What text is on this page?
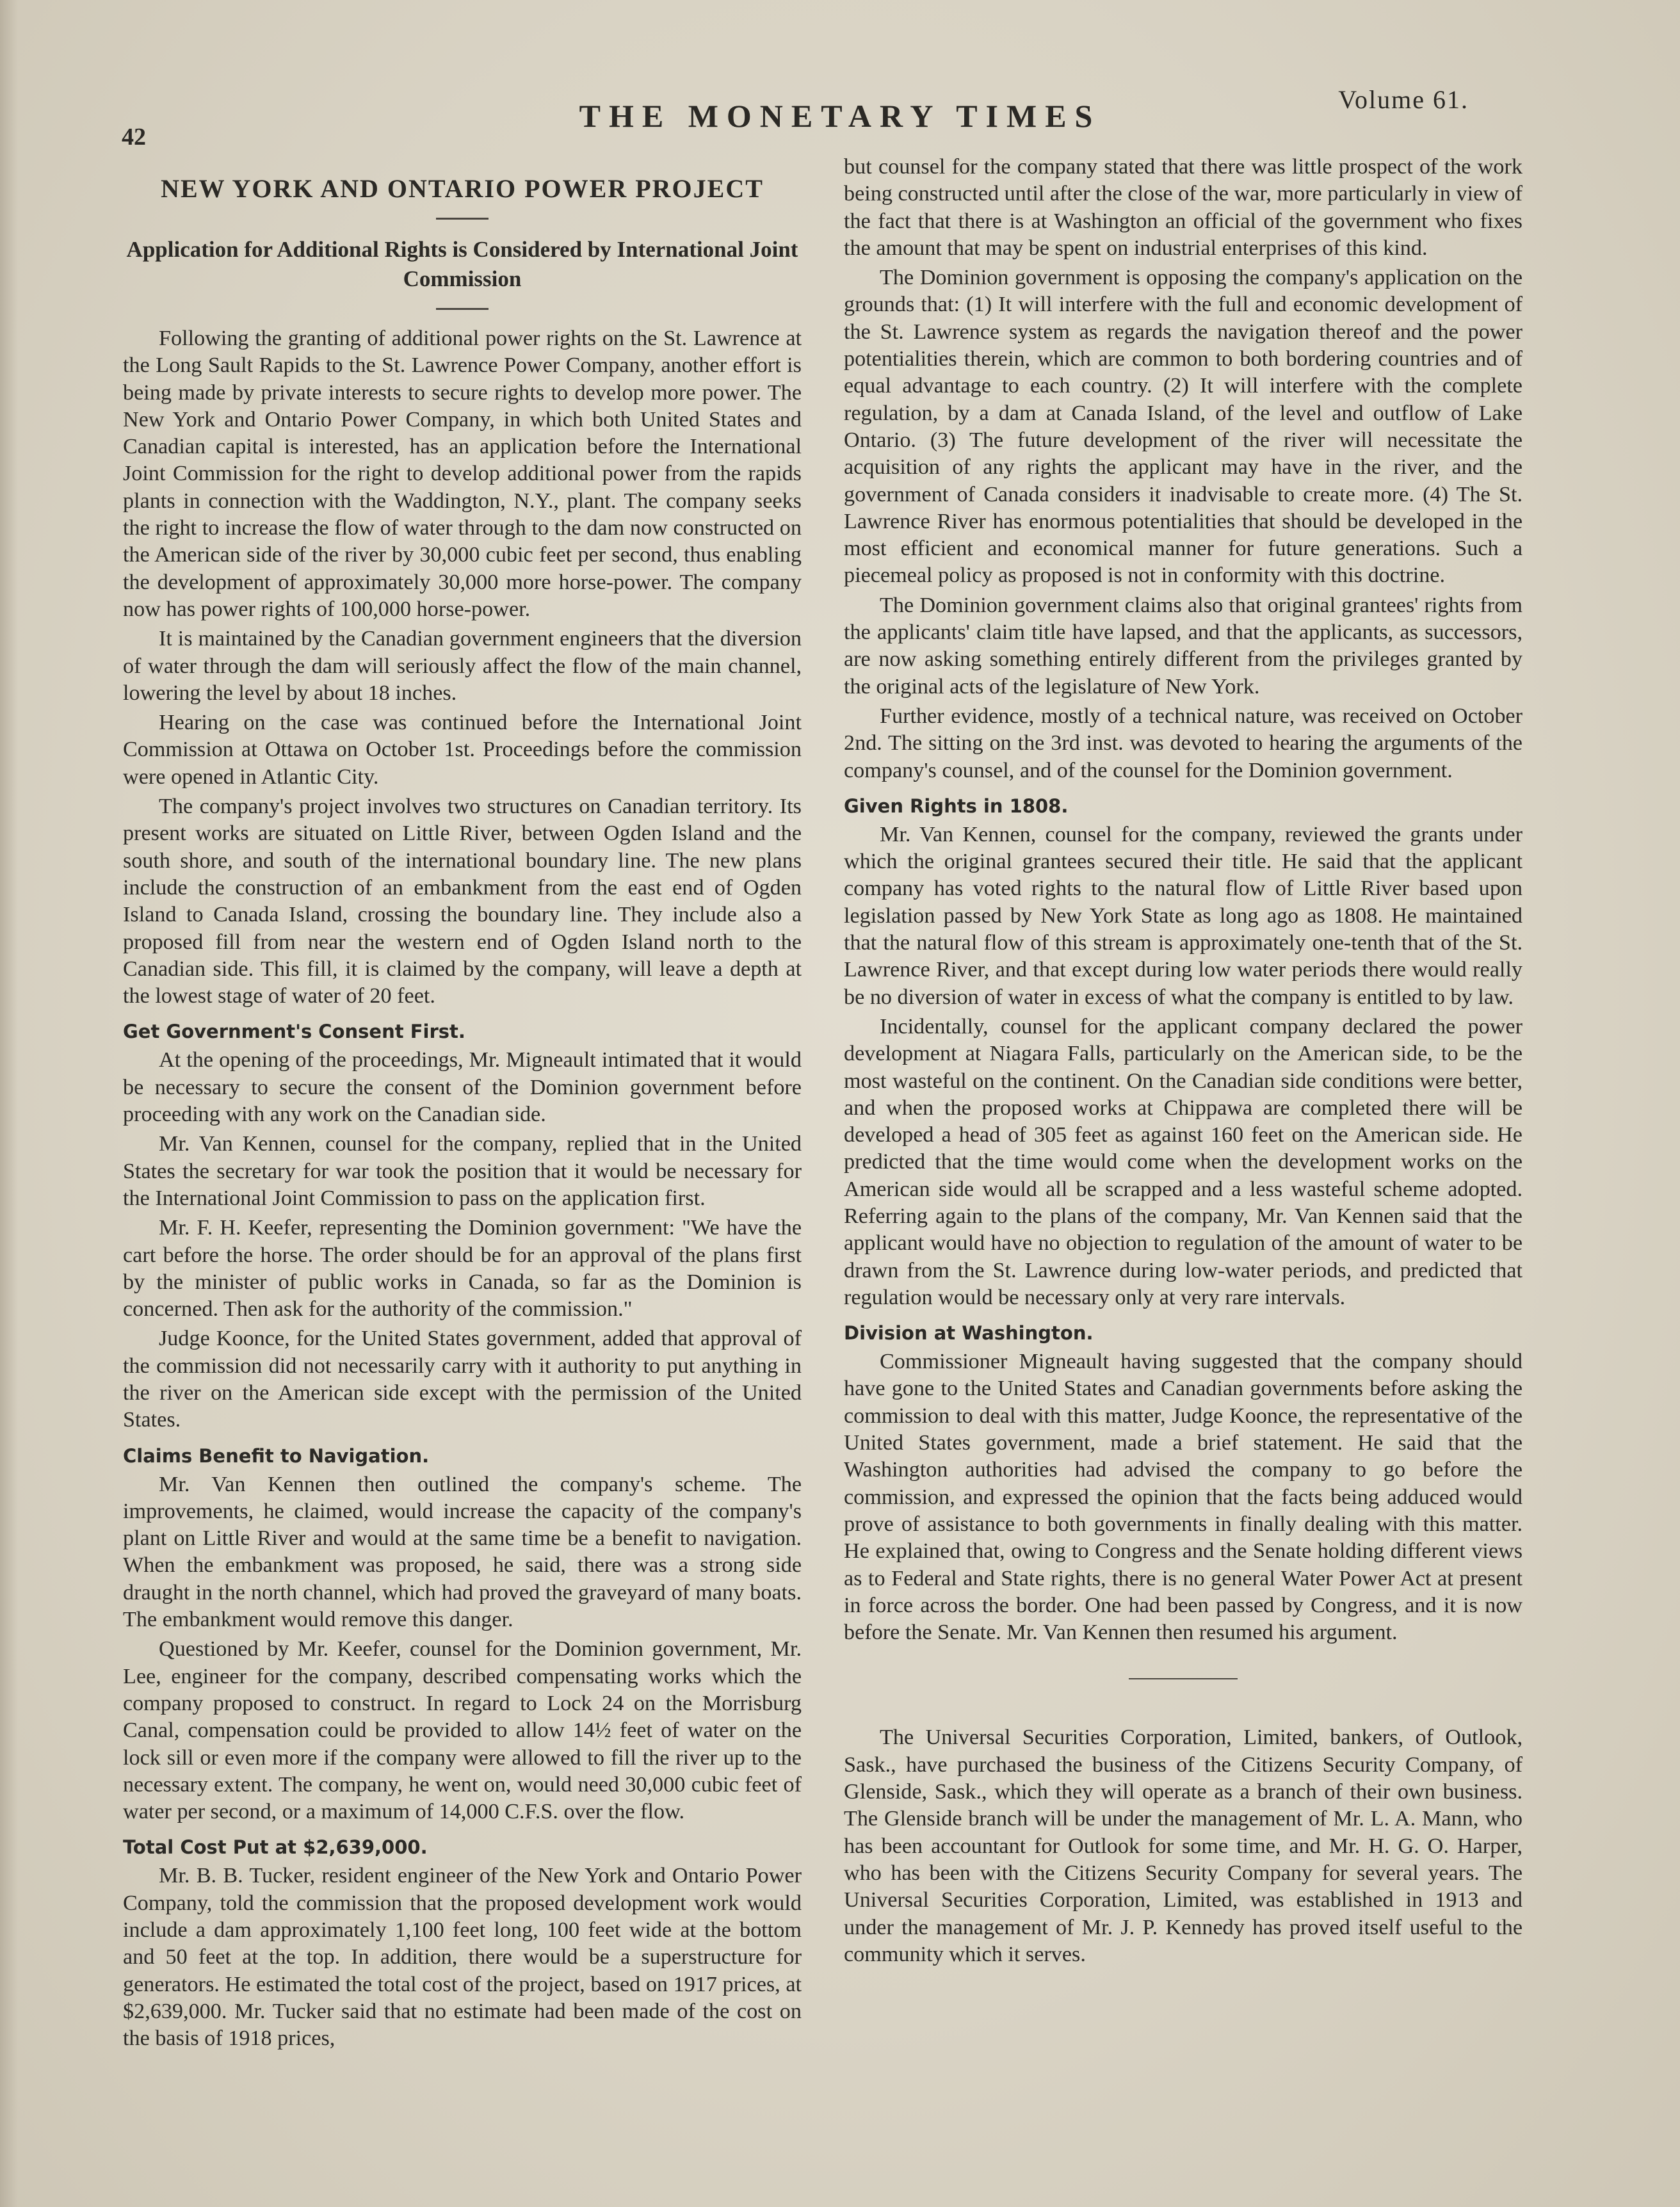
42
THE MONETARY TIMES	Volume 61.
NEW YORK AND ONTARIO POWER PROJECT
Application for Additional Rights is Considered by International Joint Commission

Following the granting of additional power rights on the St. Lawrence at the Long Sault Rapids to the St. Lawrence Power Company, another effort is being made by private interests to secure rights to develop more power. The New York and Ontario Power Company, in which both United States and Canadian capital is interested, has an application before the International Joint Commission for the right to develop additional power from the rapids plants in connection with the Waddington, N.Y., plant. The company seeks the right to increase the flow of water through to the dam now constructed on the American side of the river by 30,000 cubic feet per second, thus enabling the development of approximately 30,000 more horse-power. The company now has power rights of 100,000 horse-power.

It is maintained by the Canadian government engineers that the diversion of water through the dam will seriously affect the flow of the main channel, lowering the level by about 18 inches.

Hearing on the case was continued before the International Joint Commission at Ottawa on October 1st. Proceedings before the commission were opened in Atlantic City.

The company's project involves two structures on Canadian territory. Its present works are situated on Little River, between Ogden Island and the south shore, and south of the international boundary line. The new plans include the construction of an embankment from the east end of Ogden Island to Canada Island, crossing the boundary line. They include also a proposed fill from near the western end of Ogden Island north to the Canadian side. This fill, it is claimed by the company, will leave a depth at the lowest stage of water of 20 feet.

Get Government's Consent First.

At the opening of the proceedings, Mr. Migneault intimated that it would be necessary to secure the consent of the Dominion government before proceeding with any work on the Canadian side.

Mr. Van Kennen, counsel for the company, replied that in the United States the secretary for war took the position that it would be necessary for the International Joint Commission to pass on the application first.

Mr. F. H. Keefer, representing the Dominion government: "We have the cart before the horse. The order should be for an approval of the plans first by the minister of public works in Canada, so far as the Dominion is concerned. Then ask for the authority of the commission."

Judge Koonce, for the United States government, added that approval of the commission did not necessarily carry with it authority to put anything in the river on the American side except with the permission of the United States.

Claims Benefit to Navigation.

Mr. Van Kennen then outlined the company's scheme. The improvements, he claimed, would increase the capacity of the company's plant on Little River and would at the same time be a benefit to navigation. When the embankment was proposed, he said, there was a strong side draught in the north channel, which had proved the graveyard of many boats. The embankment would remove this danger.

Questioned by Mr. Keefer, counsel for the Dominion government, Mr. Lee, engineer for the company, described compensating works which the company proposed to construct. In regard to Lock 24 on the Morrisburg Canal, compensation could be provided to allow 14½ feet of water on the lock sill or even more if the company were allowed to fill the river up to the necessary extent. The company, he went on, would need 30,000 cubic feet of water per second, or a maximum of 14,000 C.F.S. over the flow.

Total Cost Put at $2,639,000.

Mr. B. B. Tucker, resident engineer of the New York and Ontario Power Company, told the commission that the proposed development work would include a dam approximately 1,100 feet long, 100 feet wide at the bottom and 50 feet at the top. In addition, there would be a superstructure for generators. He estimated the total cost of the project, based on 1917 prices, at $2,639,000. Mr. Tucker said that no estimate had been made of the cost on the basis of 1918 prices,

but counsel for the company stated that there was little prospect of the work being constructed until after the close of the war, more particularly in view of the fact that there is at Washington an official of the government who fixes the amount that may be spent on industrial enterprises of this kind.

The Dominion government is opposing the company's application on the grounds that: (1) It will interfere with the full and economic development of the St. Lawrence system as regards the navigation thereof and the power potentialities therein, which are common to both bordering countries and of equal advantage to each country. (2) It will interfere with the complete regulation, by a dam at Canada Island, of the level and outflow of Lake Ontario. (3) The future development of the river will necessitate the acquisition of any rights the applicant may have in the river, and the government of Canada considers it inadvisable to create more. (4) The St. Lawrence River has enormous potentialities that should be developed in the most efficient and economical manner for future generations. Such a piecemeal policy as proposed is not in conformity with this doctrine.

The Dominion government claims also that original grantees' rights from the applicants' claim title have lapsed, and that the applicants, as successors, are now asking something entirely different from the privileges granted by the original acts of the legislature of New York.

Further evidence, mostly of a technical nature, was received on October 2nd. The sitting on the 3rd inst. was devoted to hearing the arguments of the company's counsel, and of the counsel for the Dominion government.

Given Rights in 1808.

Mr. Van Kennen, counsel for the company, reviewed the grants under which the original grantees secured their title. He said that the applicant company has voted rights to the natural flow of Little River based upon legislation passed by New York State as long ago as 1808. He maintained that the natural flow of this stream is approximately one-tenth that of the St. Lawrence River, and that except during low water periods there would really be no diversion of water in excess of what the company is entitled to by law.

Incidentally, counsel for the applicant company declared the power development at Niagara Falls, particularly on the American side, to be the most wasteful on the continent. On the Canadian side conditions were better, and when the proposed works at Chippawa are completed there will be developed a head of 305 feet as against 160 feet on the American side. He predicted that the time would come when the development works on the American side would all be scrapped and a less wasteful scheme adopted. Referring again to the plans of the company, Mr. Van Kennen said that the applicant would have no objection to regulation of the amount of water to be drawn from the St. Lawrence during low-water periods, and predicted that regulation would be necessary only at very rare intervals.

Division at Washington.

Commissioner Migneault having suggested that the company should have gone to the United States and Canadian governments before asking the commission to deal with this matter, Judge Koonce, the representative of the United States government, made a brief statement. He said that the Washington authorities had advised the company to go before the commission, and expressed the opinion that the facts being adduced would prove of assistance to both governments in finally dealing with this matter. He explained that, owing to Congress and the Senate holding different views as to Federal and State rights, there is no general Water Power Act at present in force across the border. One had been passed by Congress, and it is now before the Senate. Mr. Van Kennen then resumed his argument.

The Universal Securities Corporation, Limited, bankers, of Outlook, Sask., have purchased the business of the Citizens Security Company, of Glenside, Sask., which they will operate as a branch of their own business. The Glenside branch will be under the management of Mr. L. A. Mann, who has been accountant for Outlook for some time, and Mr. H. G. O. Harper, who has been with the Citizens Security Company for several years. The Universal Securities Corporation, Limited, was established in 1913 and under the management of Mr. J. P. Kennedy has proved itself useful to the community which it serves.
